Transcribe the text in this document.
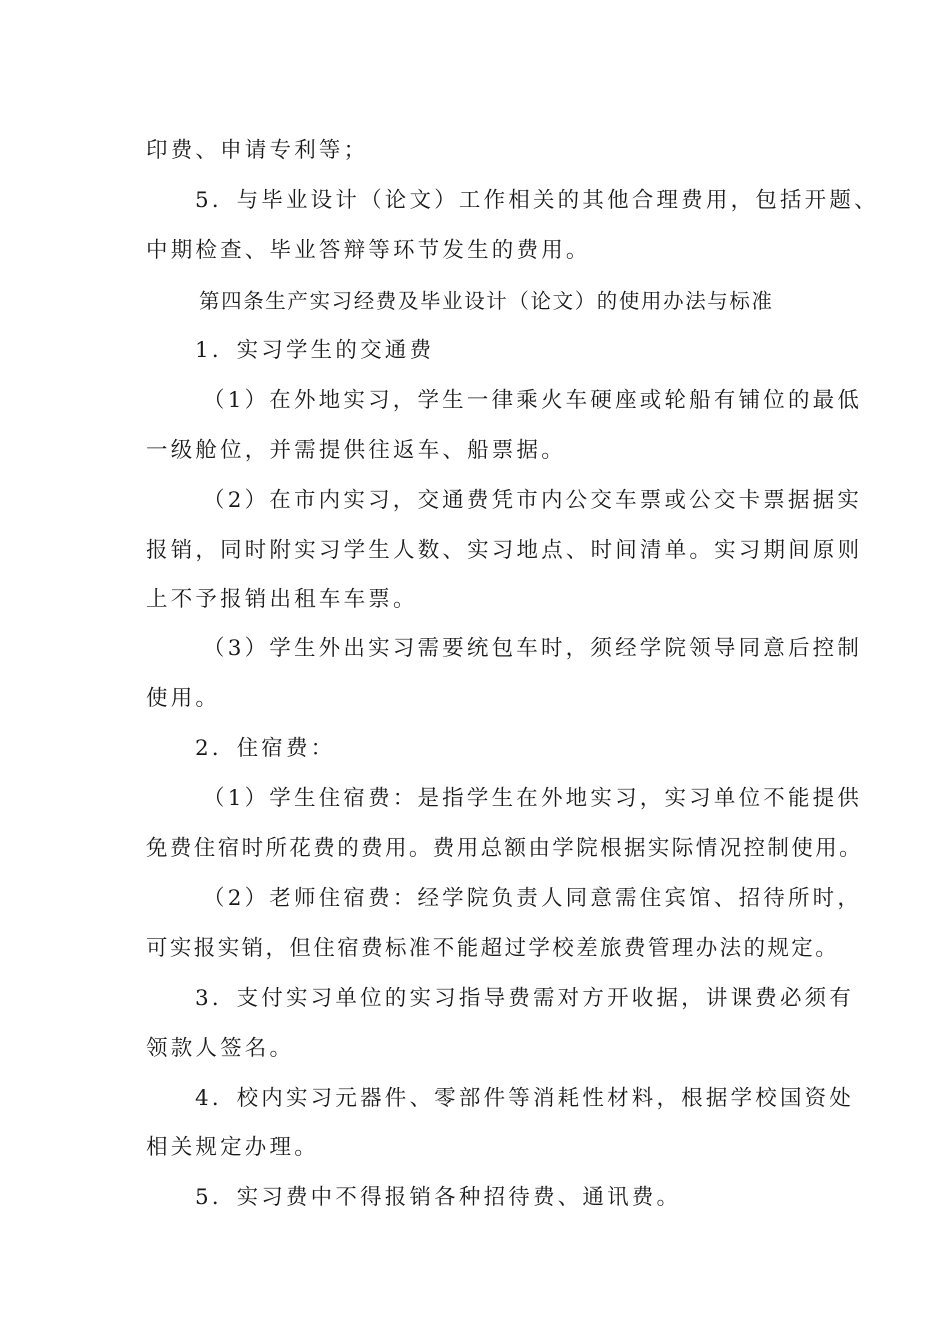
印费、申请专利等；
5．与毕业设计（论文）工作相关的其他合理费用，包括开题、
中期检查、毕业答辩等环节发生的费用。
第四条生产实习经费及毕业设计（论文）的使用办法与标准
1．实习学生的交通费
（1）在外地实习，学生一律乘火车硬座或轮船有铺位的最低
一级舱位，并需提供往返车、船票据。
（2）在市内实习，交通费凭市内公交车票或公交卡票据据实
报销，同时附实习学生人数、实习地点、时间清单。实习期间原则
上不予报销出租车车票。
（3）学生外出实习需要统包车时，须经学院领导同意后控制
使用。
2．住宿费：
（1）学生住宿费：是指学生在外地实习，实习单位不能提供
免费住宿时所花费的费用。费用总额由学院根据实际情况控制使用。
（2）老师住宿费：经学院负责人同意需住宾馆、招待所时，
可实报实销，但住宿费标准不能超过学校差旅费管理办法的规定。
3．支付实习单位的实习指导费需对方开收据，讲课费必须有
领款人签名。
4．校内实习元器件、零部件等消耗性材料，根据学校国资处
相关规定办理。
5．实习费中不得报销各种招待费、通讯费。
